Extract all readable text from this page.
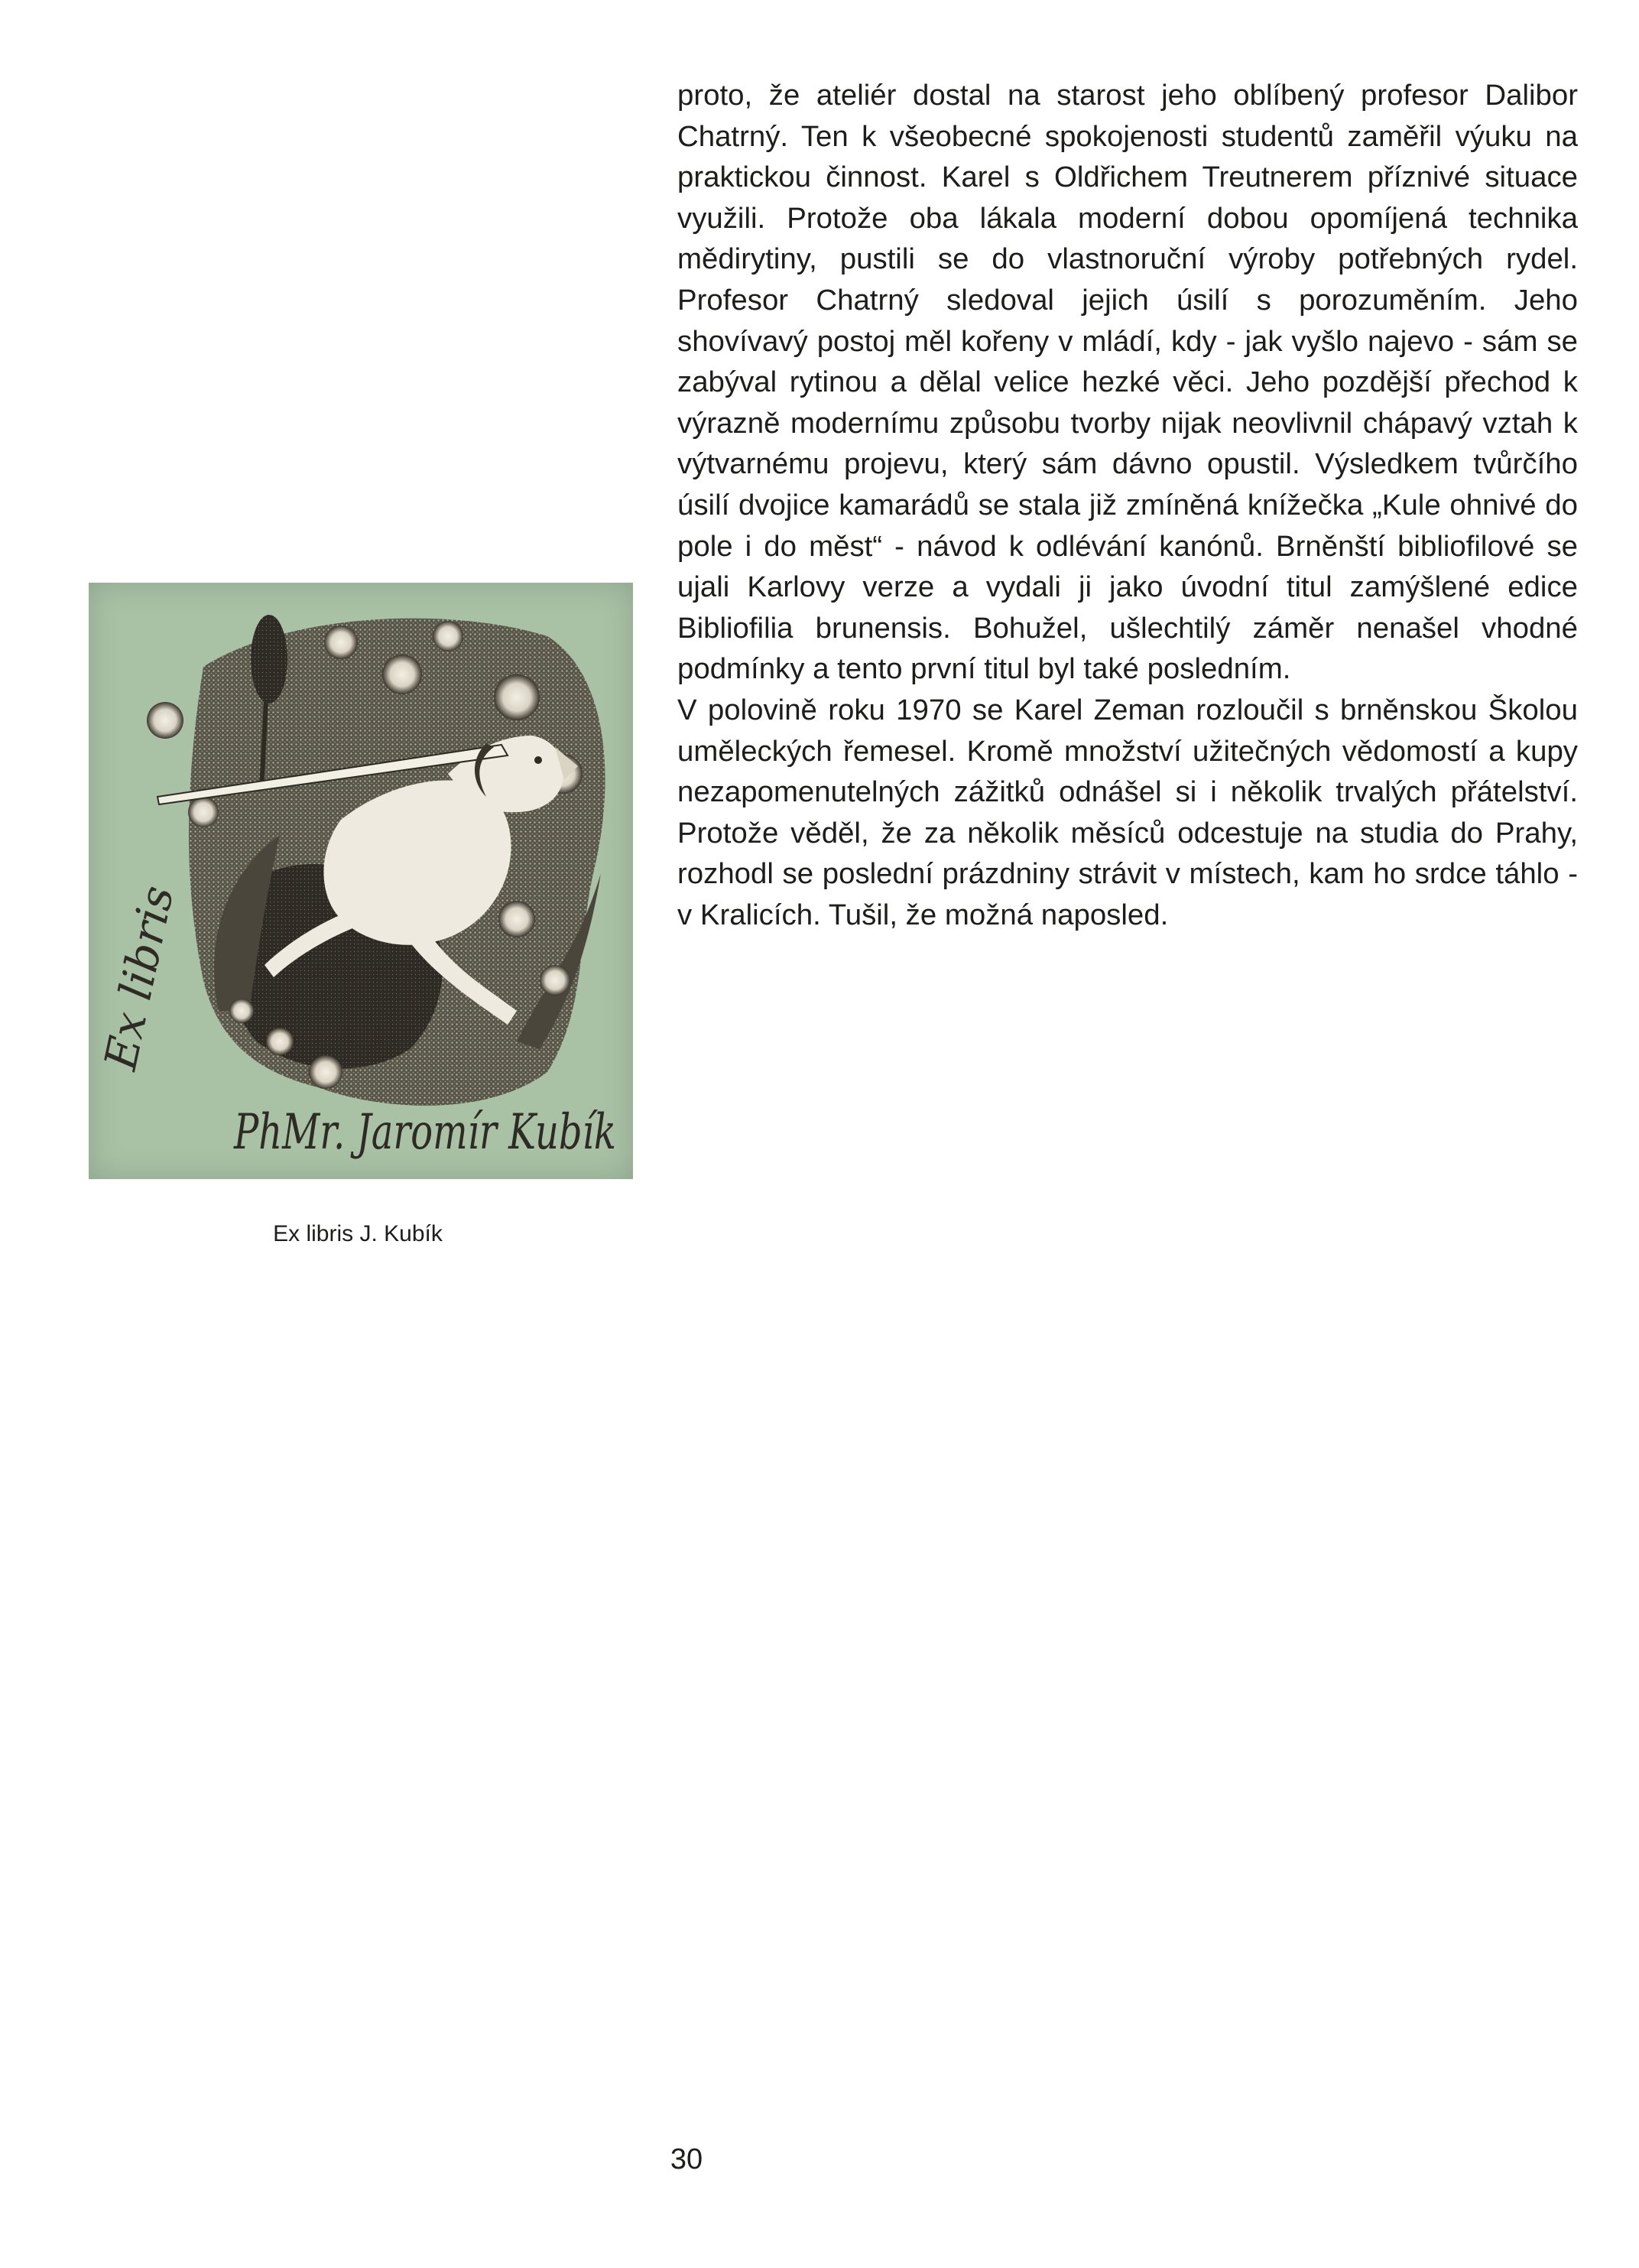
proto, že ateliér dostal na starost jeho oblíbený profesor Dalibor Chatrný. Ten k všeobecné spokojenosti studentů zaměřil výuku na praktickou činnost. Karel s Oldřichem Treutnerem příznivé situace využili. Protože oba lákala moderní dobou opomíjená technika mědirytiny, pustili se do vlastnoruční výroby potřebných rydel. Profesor Chatrný sledoval jejich úsilí s porozuměním. Jeho shovívavý postoj měl kořeny v mládí, kdy - jak vyšlo najevo - sám se zabýval rytinou a dělal velice hezké věci. Jeho pozdější přechod k výrazně modernímu způsobu tvorby nijak neovlivnil chápavý vztah k výtvarnému projevu, který sám dávno opustil. Výsledkem tvůrčího úsilí dvojice kamarádů se stala již zmíněná knížečka „Kule ohnivé do pole i do měst“ - návod k odlévání kanónů. Brněnští bibliofilové se ujali Karlovy verze a vydali ji jako úvodní titul zamýšlené edice Bibliofilia brunensis. Bohužel, ušlechtilý záměr nenašel vhodné podmínky a tento první titul byl také posledním.

V polovině roku 1970 se Karel Zeman rozloučil s brněnskou Školou uměleckých řemesel. Kromě množství užitečných vědomostí a kupy nezapomenutelných zážitků odnášel si i několik trvalých přátelství. Protože věděl, že za několik měsíců odcestuje na studia do Prahy, rozhodl se poslední prázdniny strávit v místech, kam ho srdce táhlo - v Kralicích. Tušil, že možná naposled.

Ex libris
PhMr. Jaromír Kubík
Ex libris J. Kubík
30
